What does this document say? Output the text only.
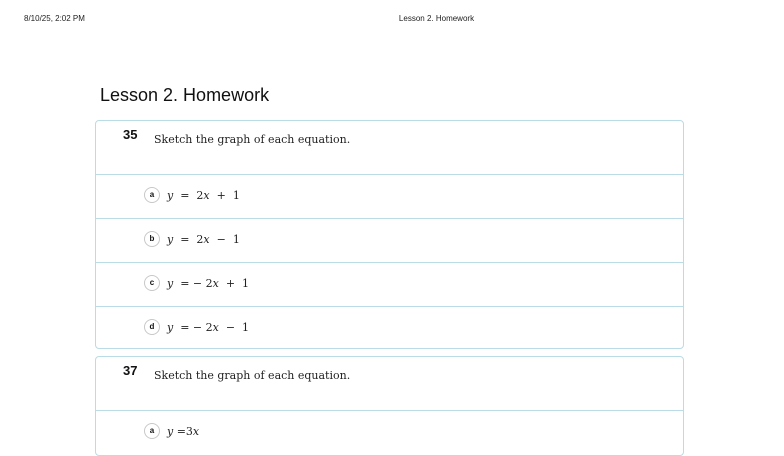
8/10/25, 2:02 PM	Lesson 2. Homework
Lesson 2. Homework
35 Sketch the graph of each equation.
a	𝑦  =  2𝑥  +  1
b	𝑦  =  2𝑥  −  1
c	𝑦  = − 2𝑥  +  1
d	𝑦  = − 2𝑥  −  1
37 Sketch the graph of each equation.
a	𝑦 =3𝑥
